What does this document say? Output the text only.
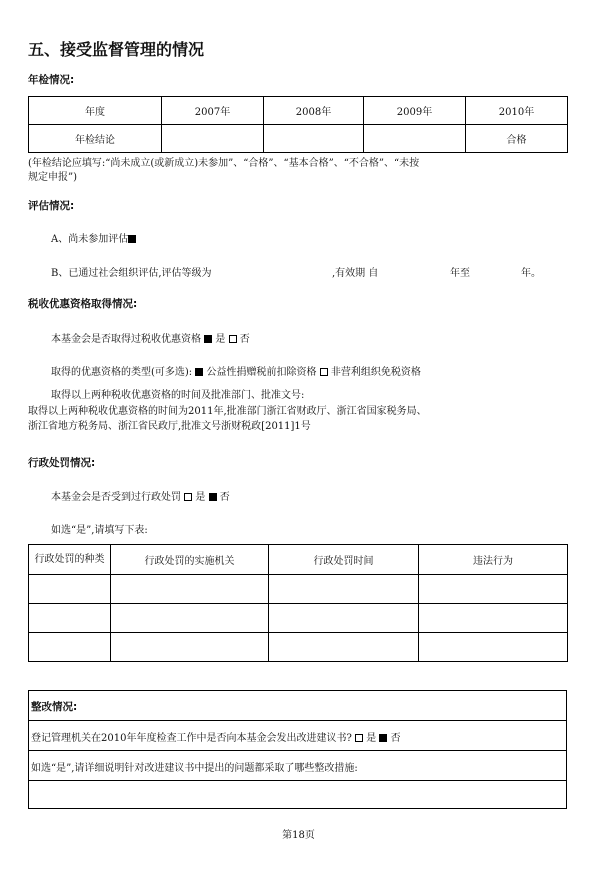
五、接受监督管理的情况
年检情况:
年度	2007年	2008年	2009年	2010年
年检结论				合格
(年检结论应填写:“尚未成立(或新成立)未参加”、“合格”、“基本合格”、“不合格”、“未按
规定申报”)
评估情况:
A、尚未参加评估
B、已通过社会组织评估,评估等级为	,有效期 自	年至	年。
税收优惠资格取得情况:
本基金会是否取得过税收优惠资格 是 否
取得的优惠资格的类型(可多选): 公益性捐赠税前扣除资格 非营利组织免税资格
取得以上两种税收优惠资格的时间及批准部门、批准文号:
取得以上两种税收优惠资格的时间为2011年,批准部门浙江省财政厅、浙江省国家税务局、
浙江省地方税务局、浙江省民政厅,批准文号浙财税政[2011]1号
行政处罚情况:
本基金会是否受到过行政处罚 是 否
如选“是”,请填写下表:
行政处罚的种类	行政处罚的实施机关	行政处罚时间	违法行为

整改情况:
登记管理机关在2010年年度检查工作中是否向本基金会发出改进建议书? 是 否
如选“是”,请详细说明针对改进建议书中提出的问题都采取了哪些整改措施:
第18页
